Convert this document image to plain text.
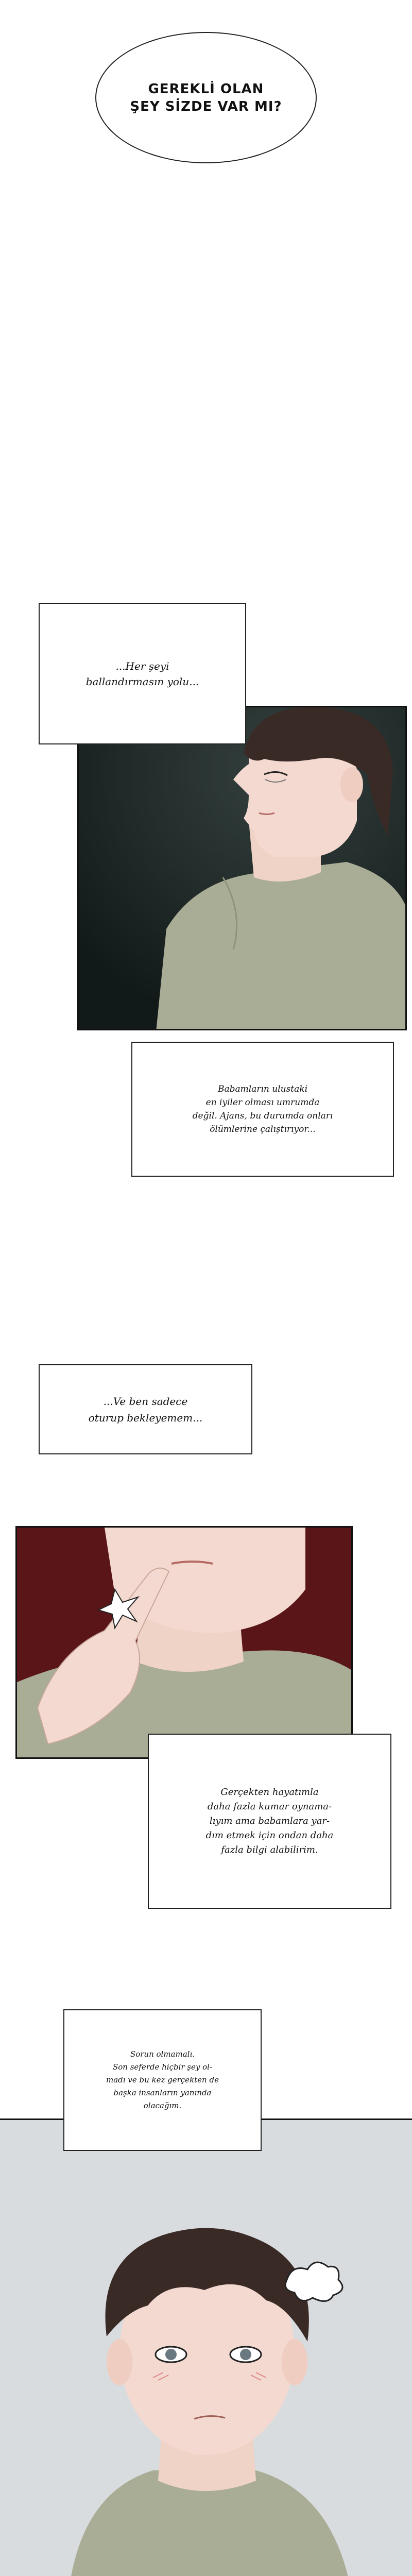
GEREKLİ OLAN
ŞEY SİZDE VAR MI?
...Her şeyi
ballandırmasın yolu...
Babamların ulustaki
en iyiler olması umrumda
değil. Ajans, bu durumda onları
ölümlerine çalıştırıyor...
...Ve ben sadece
oturup bekleyemem...
Gerçekten hayatımla
daha fazla kumar oynama-
lıyım ama babamlara yar-
dım etmek için ondan daha
fazla bilgi alabilirim.
Sorun olmamalı.
Son seferde hiçbir şey ol-
madı ve bu kez gerçekten de
başka insanların yanında
olacağım.
